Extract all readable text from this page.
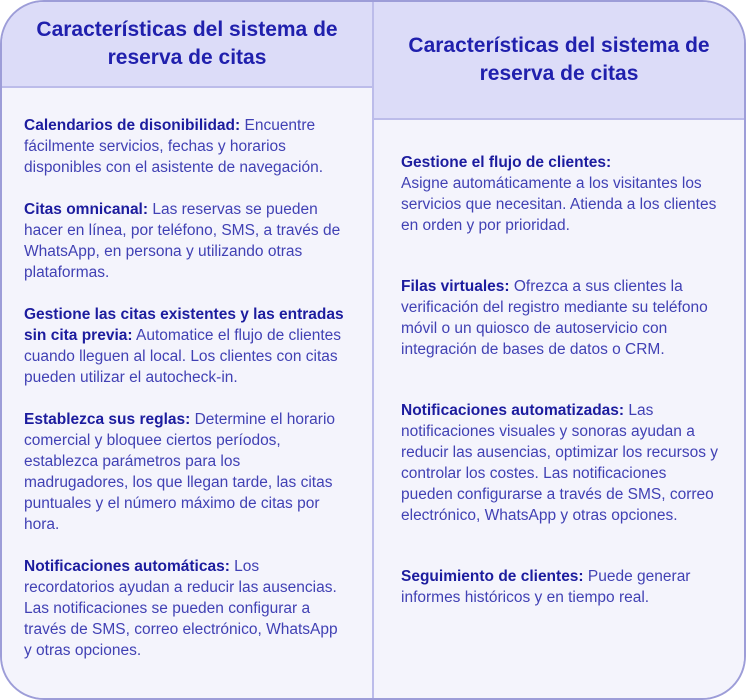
Características del sistema de reserva de citas

Calendarios de disonibilidad: Encuentre fácilmente servicios, fechas y horarios disponibles con el asistente de navegación.

Citas omnicanal: Las reservas se pueden hacer en línea, por teléfono, SMS, a través de WhatsApp, en persona y utilizando otras plataformas.

Gestione las citas existentes y las entradas sin cita previa: Automatice el flujo de clientes cuando lleguen al local. Los clientes con citas pueden utilizar el autocheck-in.

Establezca sus reglas: Determine el horario comercial y bloquee ciertos períodos, establezca parámetros para los madrugadores, los que llegan tarde, las citas puntuales y el número máximo de citas por hora.

Notificaciones automáticas: Los recordatorios ayudan a reducir las ausencias. Las notificaciones se pueden configurar a través de SMS, correo electrónico, WhatsApp y otras opciones.

Características del sistema de reserva de citas

Gestione el flujo de clientes:
Asigne automáticamente a los visitantes los servicios que necesitan. Atienda a los clientes en orden y por prioridad.

Filas virtuales: Ofrezca a sus clientes la verificación del registro mediante su teléfono móvil o un quiosco de autoservicio con integración de bases de datos o CRM.

Notificaciones automatizadas: Las notificaciones visuales y sonoras ayudan a reducir las ausencias, optimizar los recursos y controlar los costes. Las notificaciones pueden configurarse a través de SMS, correo electrónico, WhatsApp y otras opciones.

Seguimiento de clientes: Puede generar informes históricos y en tiempo real.
